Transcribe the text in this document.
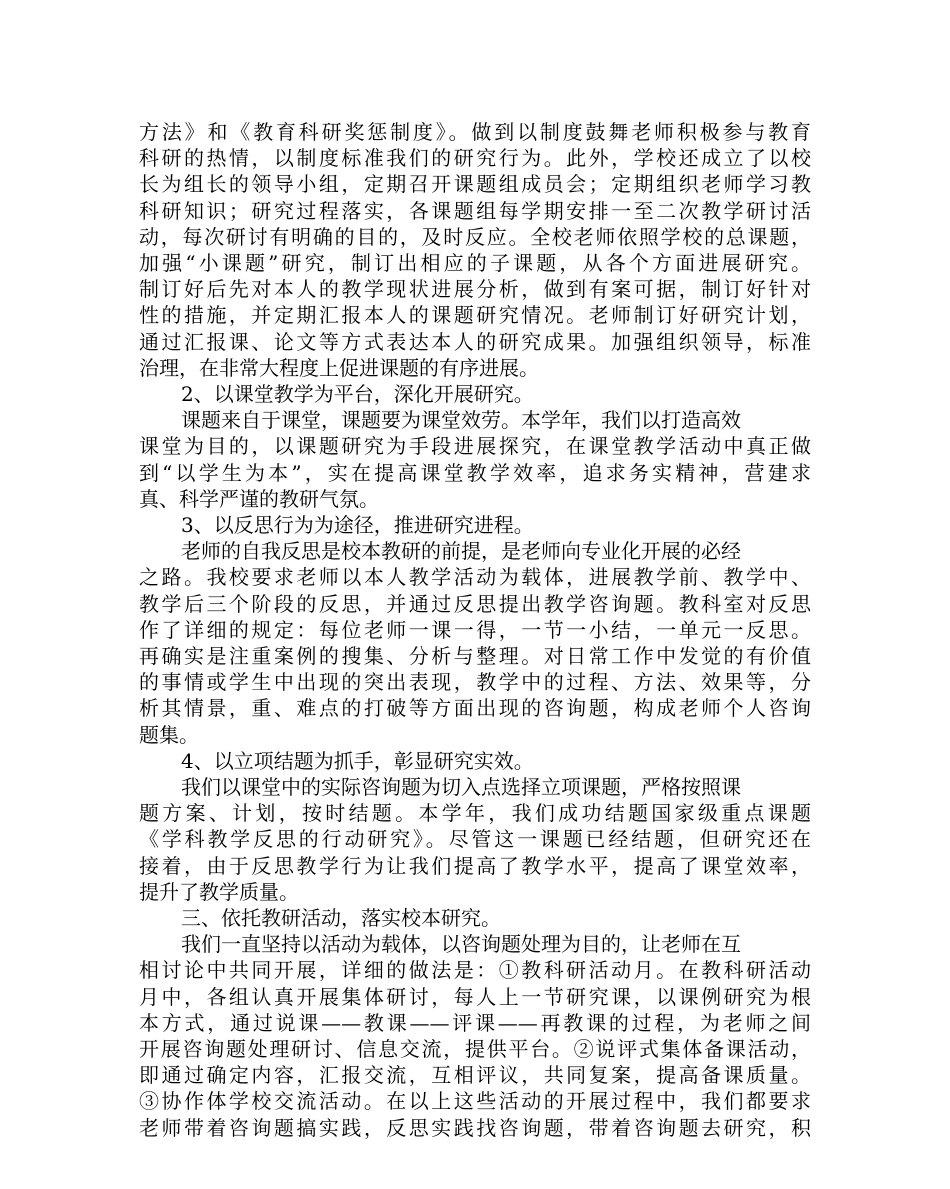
方法》和《教育科研奖惩制度》。做到以制度鼓舞老师积极参与教育
科研的热情，以制度标准我们的研究行为。此外，学校还成立了以校
长为组长的领导小组，定期召开课题组成员会；定期组织老师学习教
科研知识；研究过程落实，各课题组每学期安排一至二次教学研讨活
动，每次研讨有明确的目的，及时反应。全校老师依照学校的总课题，
加强“小课题”研究，制订出相应的子课题，从各个方面进展研究。
制订好后先对本人的教学现状进展分析，做到有案可据，制订好针对
性的措施，并定期汇报本人的课题研究情况。老师制订好研究计划，
通过汇报课、论文等方式表达本人的研究成果。加强组织领导，标准
治理，在非常大程度上促进课题的有序进展。
2、以课堂教学为平台，深化开展研究。
课题来自于课堂，课题要为课堂效劳。本学年，我们以打造高效
课堂为目的，以课题研究为手段进展探究，在课堂教学活动中真正做
到“以学生为本”，实在提高课堂教学效率，追求务实精神，营建求
真、科学严谨的教研气氛。
3、以反思行为为途径，推进研究进程。
老师的自我反思是校本教研的前提，是老师向专业化开展的必经
之路。我校要求老师以本人教学活动为载体，进展教学前、教学中、
教学后三个阶段的反思，并通过反思提出教学咨询题。教科室对反思
作了详细的规定：每位老师一课一得，一节一小结，一单元一反思。
再确实是注重案例的搜集、分析与整理。对日常工作中发觉的有价值
的事情或学生中出现的突出表现，教学中的过程、方法、效果等，分
析其情景，重、难点的打破等方面出现的咨询题，构成老师个人咨询
题集。
4、以立项结题为抓手，彰显研究实效。
我们以课堂中的实际咨询题为切入点选择立项课题，严格按照课
题方案、计划，按时结题。本学年，我们成功结题国家级重点课题
《学科教学反思的行动研究》。尽管这一课题已经结题，但研究还在
接着，由于反思教学行为让我们提高了教学水平，提高了课堂效率，
提升了教学质量。
三、依托教研活动，落实校本研究。
我们一直坚持以活动为载体，以咨询题处理为目的，让老师在互
相讨论中共同开展，详细的做法是：①教科研活动月。在教科研活动
月中，各组认真开展集体研讨，每人上一节研究课，以课例研究为根
本方式，通过说课——教课——评课——再教课的过程，为老师之间
开展咨询题处理研讨、信息交流，提供平台。②说评式集体备课活动，
即通过确定内容，汇报交流，互相评议，共同复案，提高备课质量。
③协作体学校交流活动。在以上这些活动的开展过程中，我们都要求
老师带着咨询题搞实践，反思实践找咨询题，带着咨询题去研究，积
